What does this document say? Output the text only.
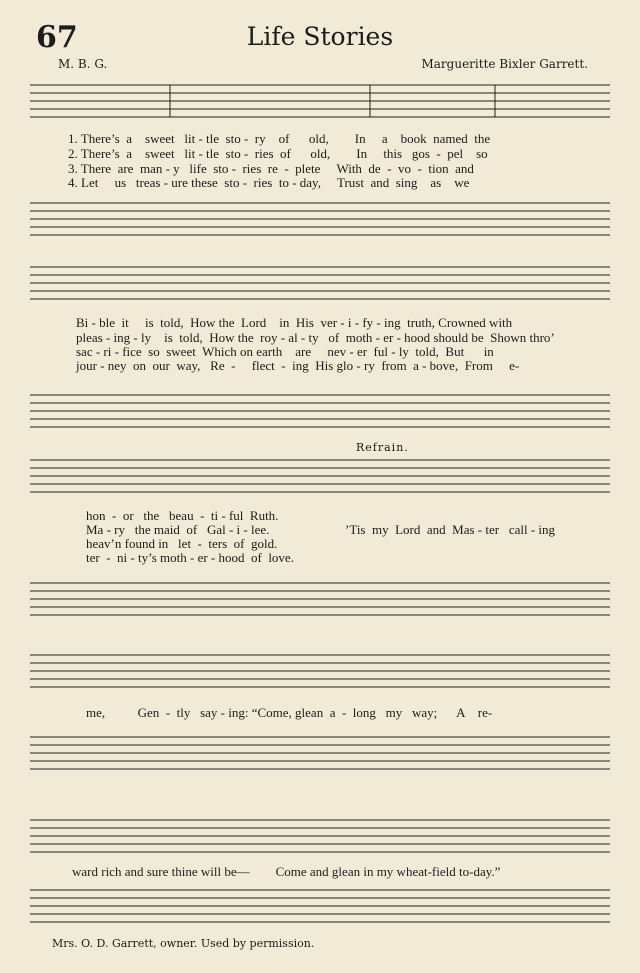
67	Life Stories
M. B. G.	Margueritte Bixler Garrett.
1. There’s  a    sweet   lit - tle  sto -  ry    of      old,        In     a    book  named  the
2. There’s  a    sweet   lit - tle  sto -  ries  of      old,        In     this   gos  -  pel    so
3. There  are  man - y   life  sto -  ries  re  -  plete     With  de  -  vo  -  tion  and
4. Let     us   treas - ure these  sto -  ries  to - day,     Trust  and  sing    as    we
Bi - ble  it     is  told,  How the  Lord    in  His  ver - i - fy - ing  truth, Crowned with
pleas - ing - ly    is  told,  How the  roy - al - ty   of  moth - er - hood should be  Shown thro’
sac - ri - fice  so  sweet  Which on earth    are     nev - er  ful - ly  told,  But      in
jour - ney  on  our  way,   Re  -     flect  -  ing  His glo - ry  from  a - bove,  From     e-
Refrain.
hon  -  or   the   beau  -  ti - ful  Ruth.
Ma - ry   the maid  of   Gal - i - lee.	’Tis  my  Lord  and  Mas - ter   call - ing
heav’n found in   let  -  ters  of  gold.
ter  -  ni - ty’s moth - er - hood  of  love.
me,          Gen  -  tly   say - ing: “Come, glean  a  -  long   my   way;      A    re-
ward rich and sure thine will be—        Come and glean in my wheat-field to-day.”
Mrs. O. D. Garrett, owner. Used by permission.
